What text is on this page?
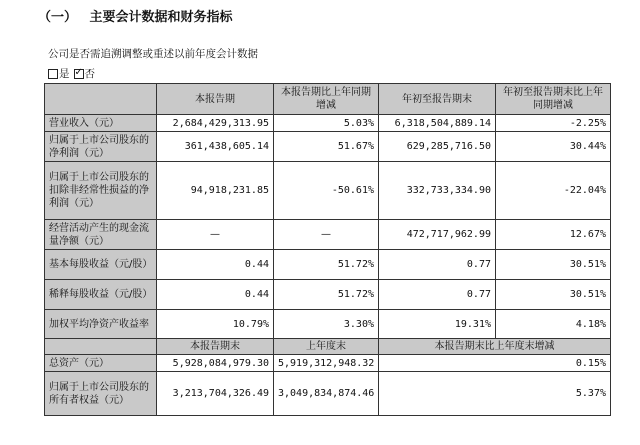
（一） 主要会计数据和财务指标
公司是否需追溯调整或重述以前年度会计数据
是 ✓ 否
	本报告期	本报告期比上年同期增减	年初至报告期末	年初至报告期末比上年同期增减
营业收入（元）	2,684,429,313.95	5.03%	6,318,504,889.14	-2.25%
归属于上市公司股东的净利润（元）	361,438,605.14	51.67%	629,285,716.50	30.44%
归属于上市公司股东的扣除非经常性损益的净利润（元）	94,918,231.85	-50.61%	332,733,334.90	-22.04%
经营活动产生的现金流量净额（元）	—	—	472,717,962.99	12.67%
基本每股收益（元/股）	0.44	51.72%	0.77	30.51%
稀释每股收益（元/股）	0.44	51.72%	0.77	30.51%
加权平均净资产收益率	10.79%	3.30%	19.31%	4.18%
	本报告期末	上年度末	本报告期末比上年度末增减	
总资产（元）	5,928,084,979.30	5,919,312,948.32	0.15%	
归属于上市公司股东的所有者权益（元）	3,213,704,326.49	3,049,834,874.46	5.37%	
